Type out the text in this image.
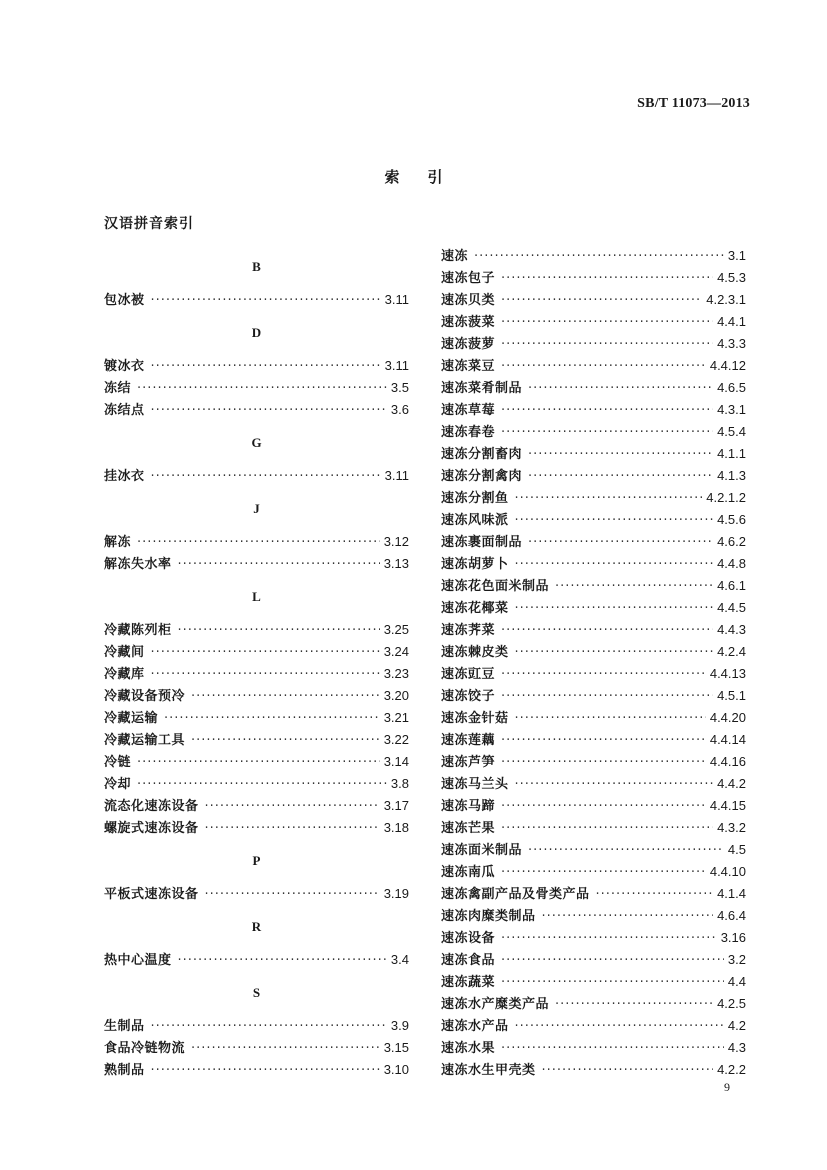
SB/T 11073—2013
索引
汉语拼音索引
B
包冰被 ·····	3.11
D
镀冰衣 ·····	3.11
冻结 ·····	3.5
冻结点 ·····	3.6
G
挂冰衣 ·····	3.11
J
解冻 ·····	3.12
解冻失水率 ·····	3.13
L
冷藏陈列柜 ·····	3.25
冷藏间 ·····	3.24
冷藏库 ·····	3.23
冷藏设备预冷 ·····	3.20
冷藏运输 ·····	3.21
冷藏运输工具 ·····	3.22
冷链 ·····	3.14
冷却 ·····	3.8
流态化速冻设备 ·····	3.17
螺旋式速冻设备 ·····	3.18
P
平板式速冻设备 ·····	3.19
R
热中心温度 ·····	3.4
S
生制品 ·····	3.9
食品冷链物流 ·····	3.15
熟制品 ·····	3.10
速冻 ·····	3.1
速冻包子 ·····	4.5.3
速冻贝类 ·····	4.2.3.1
速冻菠菜 ·····	4.4.1
速冻菠萝 ·····	4.3.3
速冻菜豆 ·····	4.4.12
速冻菜肴制品 ·····	4.6.5
速冻草莓 ·····	4.3.1
速冻春卷 ·····	4.5.4
速冻分割畜肉 ·····	4.1.1
速冻分割禽肉 ·····	4.1.3
速冻分割鱼 ·····	4.2.1.2
速冻风味派 ·····	4.5.6
速冻裹面制品 ·····	4.6.2
速冻胡萝卜 ·····	4.4.8
速冻花色面米制品 ·····	4.6.1
速冻花椰菜 ·····	4.4.5
速冻荠菜 ·····	4.4.3
速冻棘皮类 ·····	4.2.4
速冻豇豆 ·····	4.4.13
速冻饺子 ·····	4.5.1
速冻金针菇 ·····	4.4.20
速冻莲藕 ·····	4.4.14
速冻芦笋 ·····	4.4.16
速冻马兰头 ·····	4.4.2
速冻马蹄 ·····	4.4.15
速冻芒果 ·····	4.3.2
速冻面米制品 ·····	4.5
速冻南瓜 ·····	4.4.10
速冻禽副产品及骨类产品 ·····	4.1.4
速冻肉糜类制品 ·····	4.6.4
速冻设备 ·····	3.16
速冻食品 ·····	3.2
速冻蔬菜 ·····	4.4
速冻水产糜类产品 ·····	4.2.5
速冻水产品 ·····	4.2
速冻水果 ·····	4.3
速冻水生甲壳类 ·····	4.2.2
9
